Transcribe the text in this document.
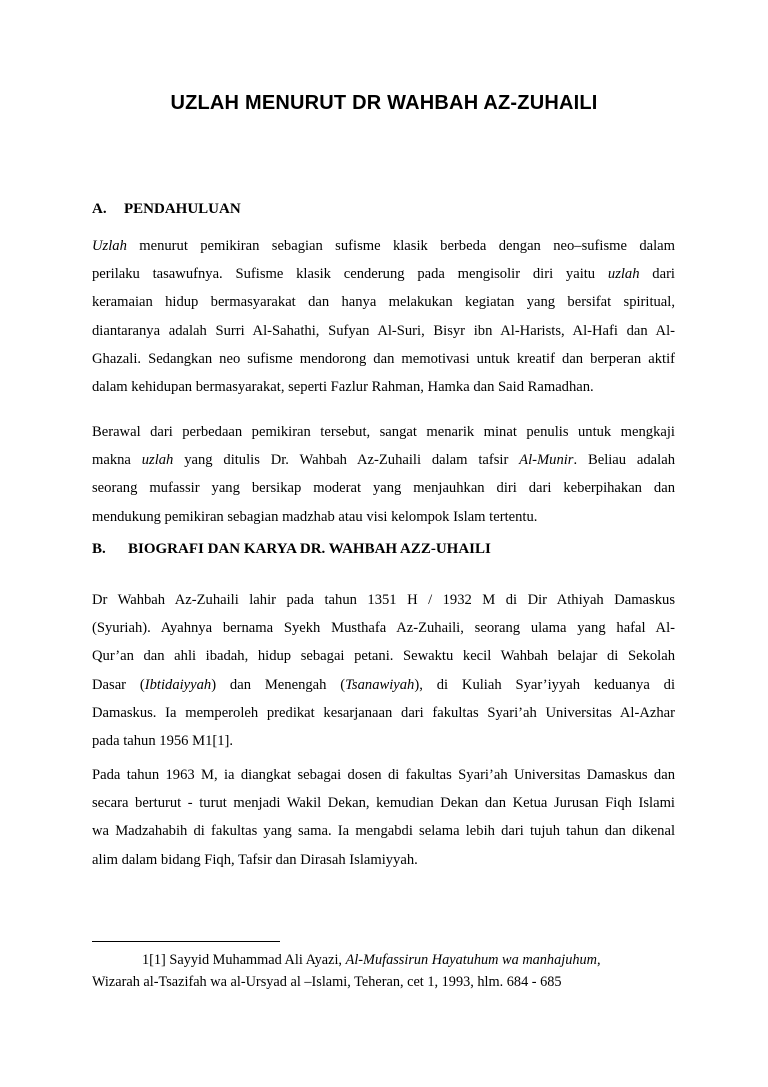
UZLAH MENURUT DR WAHBAH AZ-ZUHAILI
A. PENDAHULUAN
Uzlah menurut pemikiran sebagian sufisme klasik berbeda dengan neo–sufisme dalam
perilaku tasawufnya. Sufisme klasik cenderung pada mengisolir diri yaitu uzlah dari
keramaian hidup bermasyarakat dan hanya melakukan kegiatan yang bersifat spiritual,
diantaranya adalah Surri Al-Sahathi, Sufyan Al-Suri, Bisyr ibn Al-Harists, Al-Hafi dan Al-
Ghazali. Sedangkan neo sufisme mendorong dan memotivasi untuk kreatif dan berperan aktif
dalam kehidupan bermasyarakat, seperti Fazlur Rahman, Hamka dan Said Ramadhan.
Berawal dari perbedaan pemikiran tersebut, sangat menarik minat penulis untuk mengkaji
makna uzlah yang ditulis Dr. Wahbah Az-Zuhaili dalam tafsir Al-Munir. Beliau adalah
seorang mufassir yang bersikap moderat yang menjauhkan diri dari keberpihakan dan
mendukung pemikiran sebagian madzhab atau visi kelompok Islam tertentu.
B. BIOGRAFI DAN KARYA DR. WAHBAH AZZ-UHAILI
Dr Wahbah Az-Zuhaili lahir pada tahun 1351 H / 1932 M di Dir Athiyah Damaskus
(Syuriah). Ayahnya bernama Syekh Musthafa Az-Zuhaili, seorang ulama yang hafal Al-
Qur’an dan ahli ibadah, hidup sebagai petani. Sewaktu kecil Wahbah belajar di Sekolah
Dasar (Ibtidaiyyah) dan Menengah (Tsanawiyah), di Kuliah Syar’iyyah keduanya di
Damaskus. Ia memperoleh predikat kesarjanaan dari fakultas Syari’ah Universitas Al-Azhar
pada tahun 1956 M1[1].
Pada tahun 1963 M, ia diangkat sebagai dosen di fakultas Syari’ah Universitas Damaskus dan
secara berturut - turut menjadi Wakil Dekan, kemudian Dekan dan Ketua Jurusan Fiqh Islami
wa Madzahabih di fakultas yang sama. Ia mengabdi selama lebih dari tujuh tahun dan dikenal
alim dalam bidang Fiqh, Tafsir dan Dirasah Islamiyyah.
1[1] Sayyid Muhammad Ali Ayazi, Al-Mufassirun Hayatuhum wa manhajuhum,
Wizarah al-Tsazifah wa al-Ursyad al –Islami, Teheran, cet 1, 1993, hlm. 684 - 685
